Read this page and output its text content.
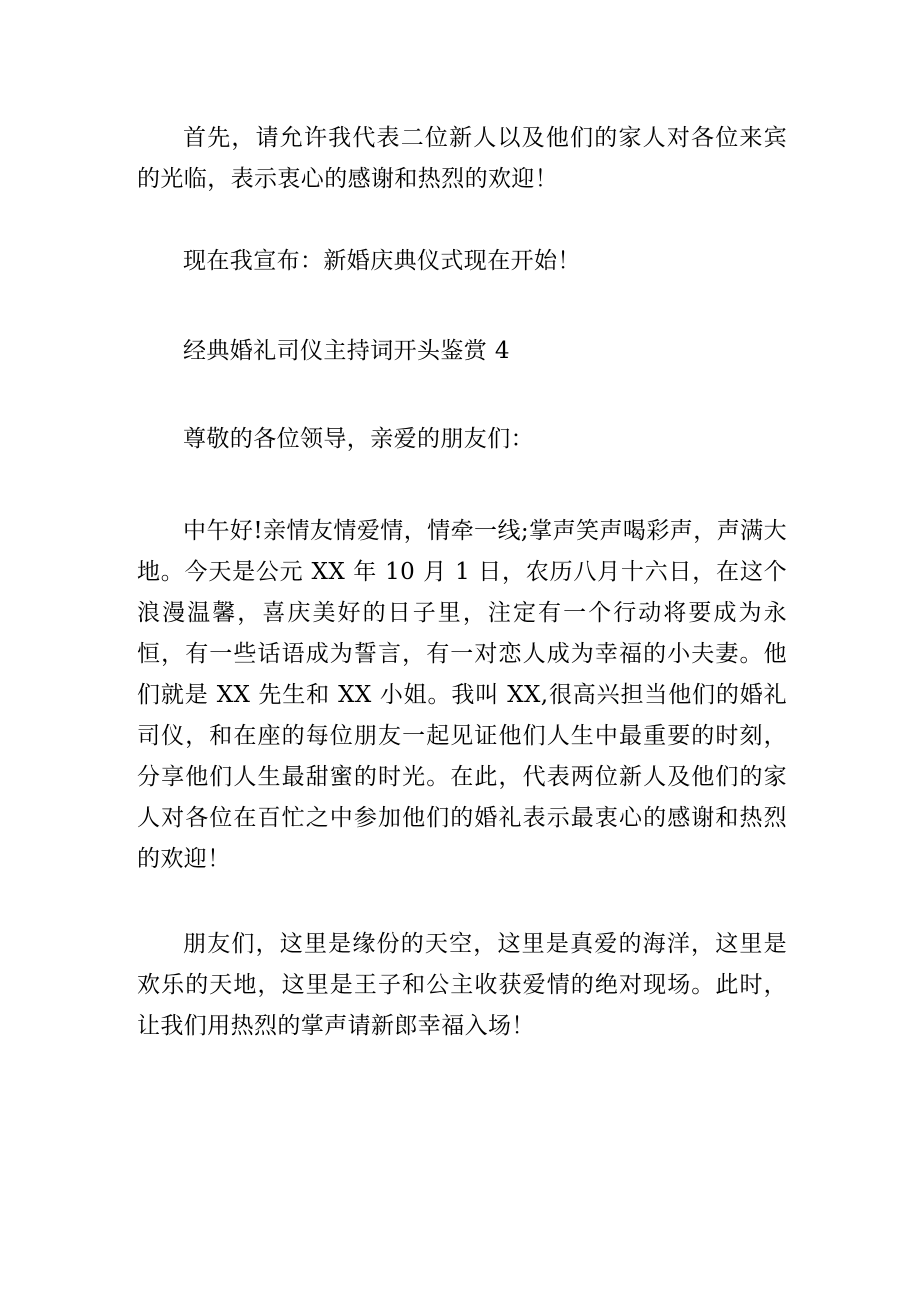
首先，请允许我代表二位新人以及他们的家人对各位来宾的光临，表示衷心的感谢和热烈的欢迎！

现在我宣布：新婚庆典仪式现在开始！

经典婚礼司仪主持词开头鉴赏 4

尊敬的各位领导，亲爱的朋友们：

中午好!亲情友情爱情，情牵一线;掌声笑声喝彩声，声满大地。今天是公元 XX 年 10 月 1 日，农历八月十六日，在这个浪漫温馨，喜庆美好的日子里，注定有一个行动将要成为永恒，有一些话语成为誓言，有一对恋人成为幸福的小夫妻。他们就是 XX 先生和 XX 小姐。我叫 XX,很高兴担当他们的婚礼司仪，和在座的每位朋友一起见证他们人生中最重要的时刻，分享他们人生最甜蜜的时光。在此，代表两位新人及他们的家人对各位在百忙之中参加他们的婚礼表示最衷心的感谢和热烈的欢迎！

朋友们，这里是缘份的天空，这里是真爱的海洋，这里是欢乐的天地，这里是王子和公主收获爱情的绝对现场。此时，让我们用热烈的掌声请新郎幸福入场！
